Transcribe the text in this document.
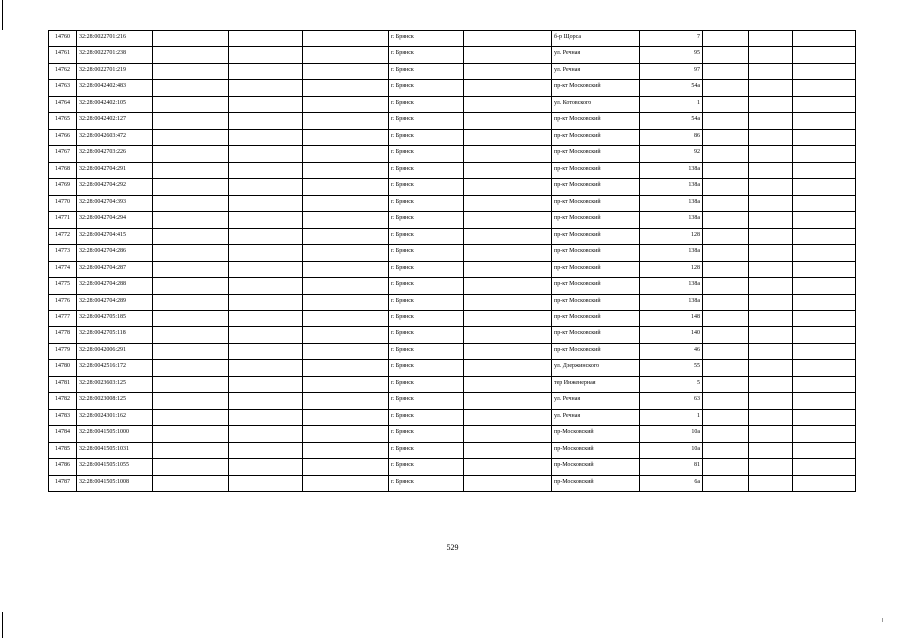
14760	32:28:0022701:216				г. Брянск		б-р Щорса	7			
14761	32:28:0022701:238				г. Брянск		ул. Речная	95			
14762	32:28:0022701:219				г. Брянск		ул. Речная	97			
14763	32:28:0042402:483				г. Брянск		пр-кт Московский	54а			
14764	32:28:0042402:105				г. Брянск		ул. Котовского	1			
14765	32:28:0042402:127				г. Брянск		пр-кт Московский	54а			
14766	32:28:0042603:472				г. Брянск		пр-кт Московский	86			
14767	32:28:0042703:226				г. Брянск		пр-кт Московский	92			
14768	32:28:0042704:291				г. Брянск		пр-кт Московский	138а			
14769	32:28:0042704:292				г. Брянск		пр-кт Московский	138а			
14770	32:28:0042704:393				г. Брянск		пр-кт Московский	138а			
14771	32:28:0042704:294				г. Брянск		пр-кт Московский	138а			
14772	32:28:0042704:415				г. Брянск		пр-кт Московский	128			
14773	32:28:0042704:286				г. Брянск		пр-кт Московский	138а			
14774	32:28:0042704:287				г. Брянск		пр-кт Московский	128			
14775	32:28:0042704:288				г. Брянск		пр-кт Московский	138а			
14776	32:28:0042704:289				г. Брянск		пр-кт Московский	138а			
14777	32:28:0042705:185				г. Брянск		пр-кт Московский	148			
14778	32:28:0042705:118				г. Брянск		пр-кт Московский	140			
14779	32:28:0042006:291				г. Брянск		пр-кт Московский	46			
14780	32:28:0042516:172				г. Брянск		ул. Дзержинского	55			
14781	32:28:0023603:125				г. Брянск		тер Инженерная	5			
14782	32:28:0023008:125				г. Брянск		ул. Речная	63			
14783	32:28:0024301:162				г. Брянск		ул. Речная	1			
14784	32:28:0041505:1000				г. Брянск		пр-Московский	10а			
14785	32:28:0041505:1031				г. Брянск		пр-Московский	10а			
14786	32:28:0041505:1055				г. Брянск		пр-Московский	81			
14787	32:28:0041505:1008				г. Брянск		пр-Московский	6а			
529
